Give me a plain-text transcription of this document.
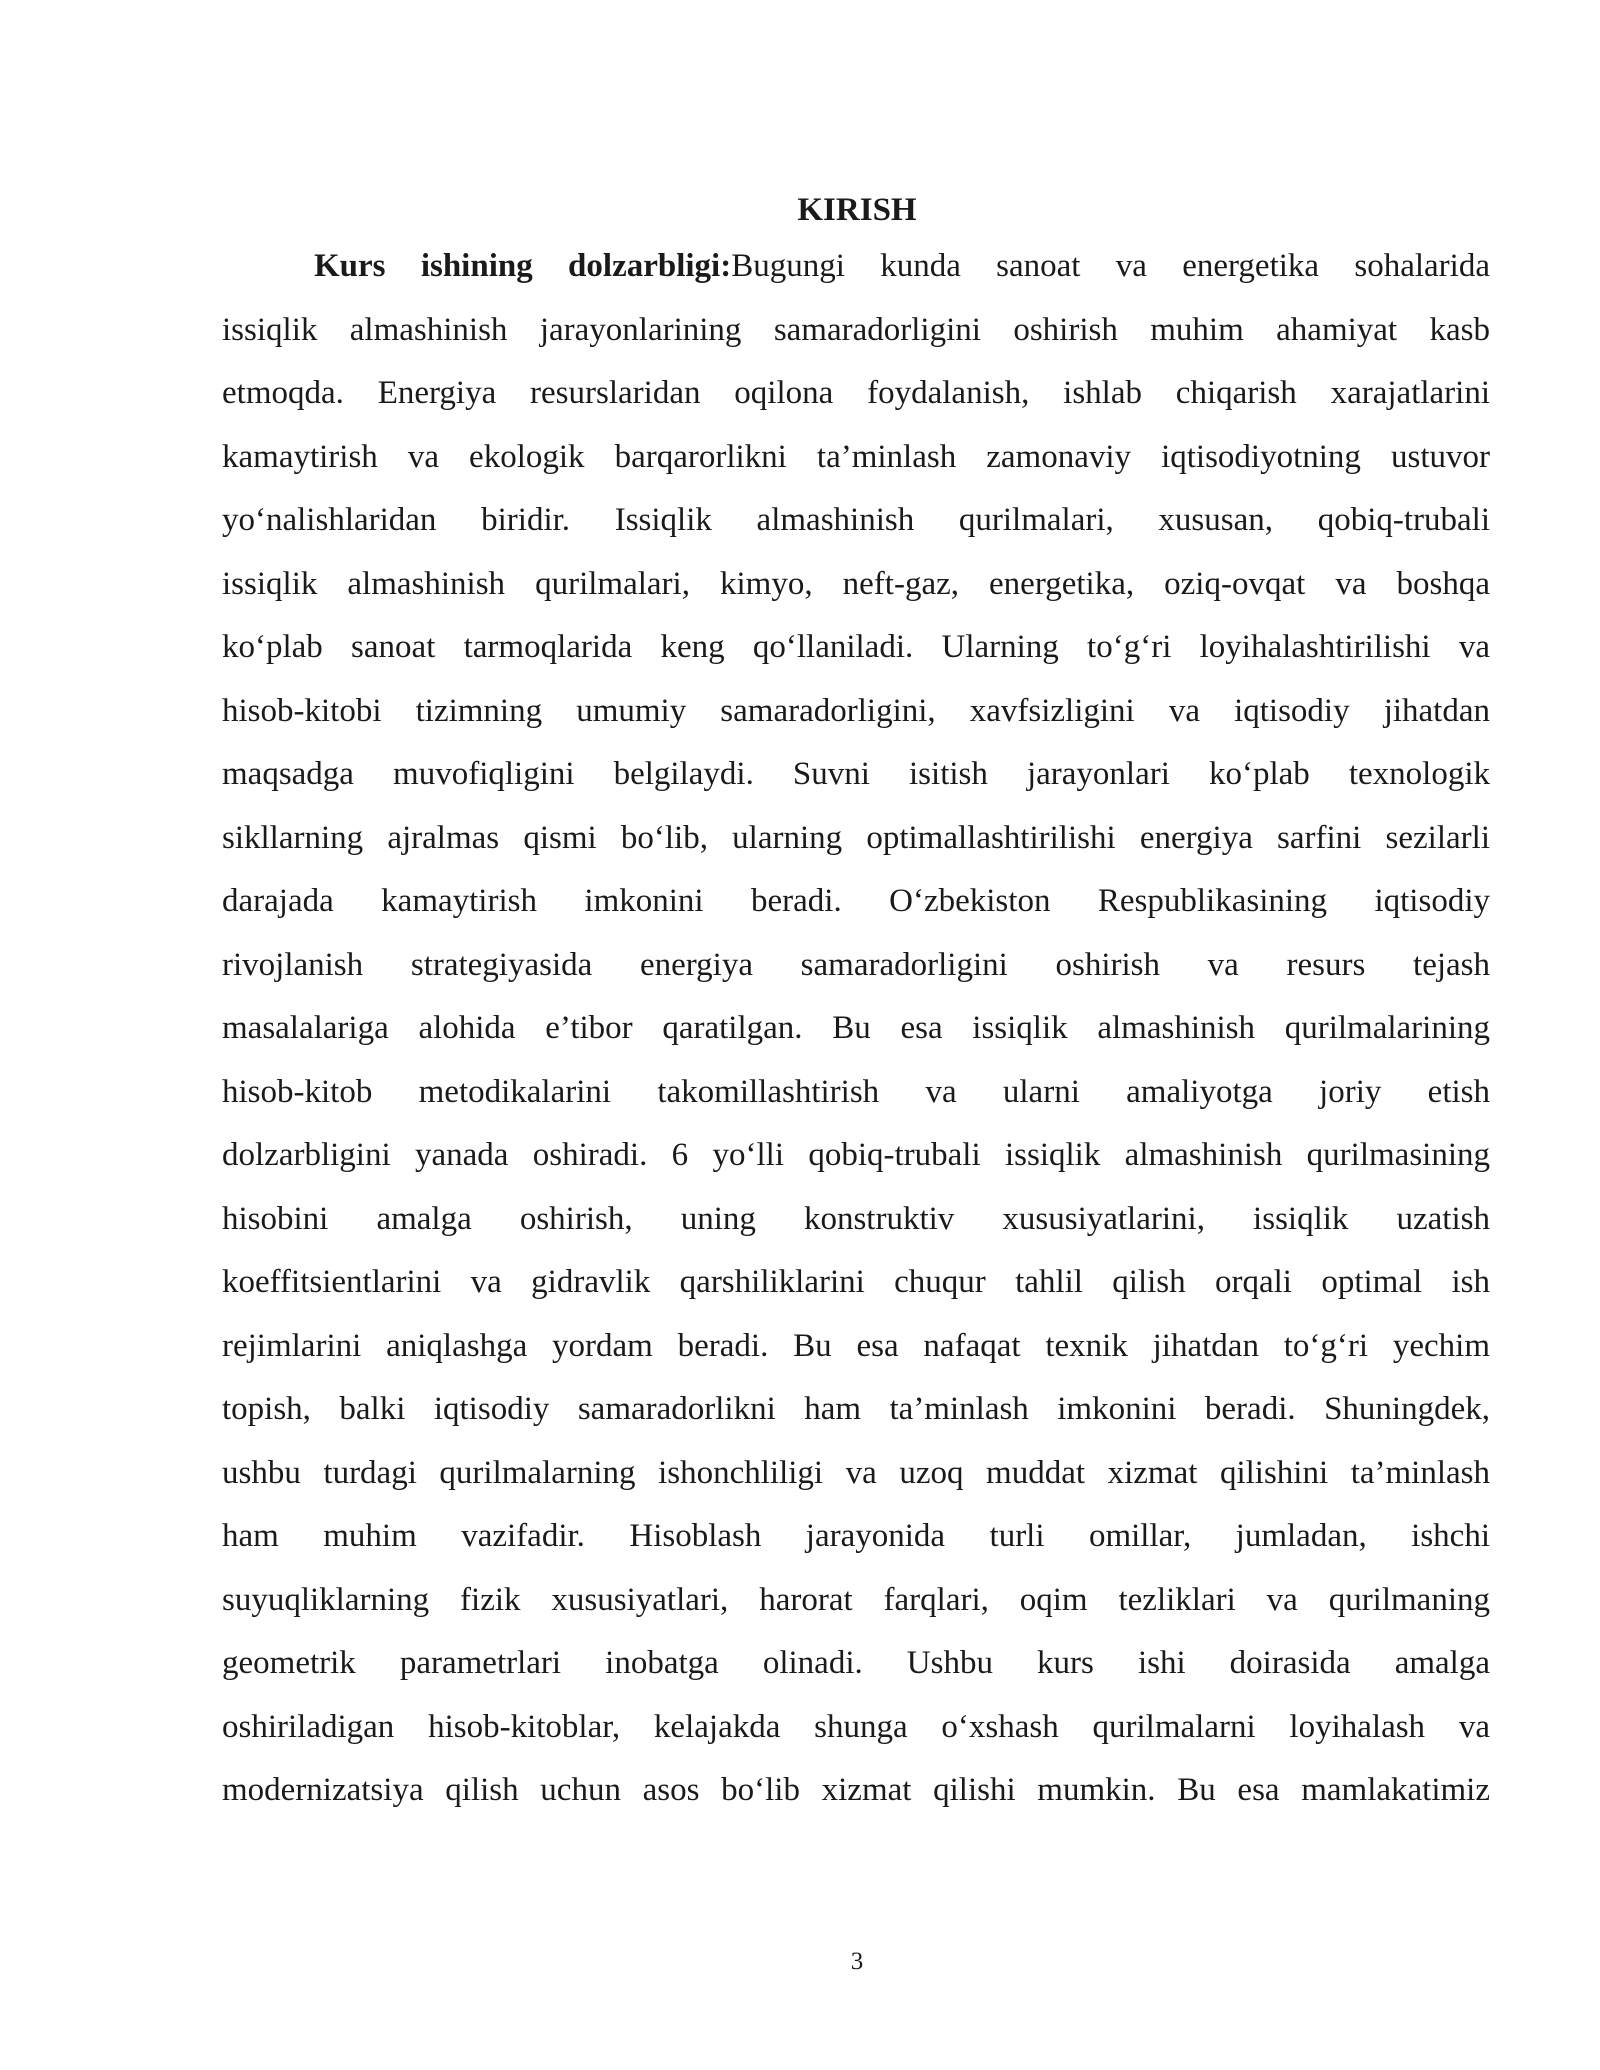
KIRISH
Kurs ishining dolzarbligi:Bugungi kunda sanoat va energetika sohalarida
issiqlik almashinish jarayonlarining samaradorligini oshirish muhim ahamiyat kasb
etmoqda. Energiya resurslaridan oqilona foydalanish, ishlab chiqarish xarajatlarini
kamaytirish va ekologik barqarorlikni ta’minlash zamonaviy iqtisodiyotning ustuvor
yo‘nalishlaridan biridir. Issiqlik almashinish qurilmalari, xususan, qobiq-trubali
issiqlik almashinish qurilmalari, kimyo, neft-gaz, energetika, oziq-ovqat va boshqa
ko‘plab sanoat tarmoqlarida keng qo‘llaniladi. Ularning to‘g‘ri loyihalashtirilishi va
hisob-kitobi tizimning umumiy samaradorligini, xavfsizligini va iqtisodiy jihatdan
maqsadga muvofiqligini belgilaydi. Suvni isitish jarayonlari ko‘plab texnologik
sikllarning ajralmas qismi bo‘lib, ularning optimallashtirilishi energiya sarfini sezilarli
darajada kamaytirish imkonini beradi. O‘zbekiston Respublikasining iqtisodiy
rivojlanish strategiyasida energiya samaradorligini oshirish va resurs tejash
masalalariga alohida e’tibor qaratilgan. Bu esa issiqlik almashinish qurilmalarining
hisob-kitob metodikalarini takomillashtirish va ularni amaliyotga joriy etish
dolzarbligini yanada oshiradi. 6 yo‘lli qobiq-trubali issiqlik almashinish qurilmasining
hisobini amalga oshirish, uning konstruktiv xususiyatlarini, issiqlik uzatish
koeffitsientlarini va gidravlik qarshiliklarini chuqur tahlil qilish orqali optimal ish
rejimlarini aniqlashga yordam beradi. Bu esa nafaqat texnik jihatdan to‘g‘ri yechim
topish, balki iqtisodiy samaradorlikni ham ta’minlash imkonini beradi. Shuningdek,
ushbu turdagi qurilmalarning ishonchliligi va uzoq muddat xizmat qilishini ta’minlash
ham muhim vazifadir. Hisoblash jarayonida turli omillar, jumladan, ishchi
suyuqliklarning fizik xususiyatlari, harorat farqlari, oqim tezliklari va qurilmaning
geometrik parametrlari inobatga olinadi. Ushbu kurs ishi doirasida amalga
oshiriladigan hisob-kitoblar, kelajakda shunga o‘xshash qurilmalarni loyihalash va
modernizatsiya qilish uchun asos bo‘lib xizmat qilishi mumkin. Bu esa mamlakatimiz
3
